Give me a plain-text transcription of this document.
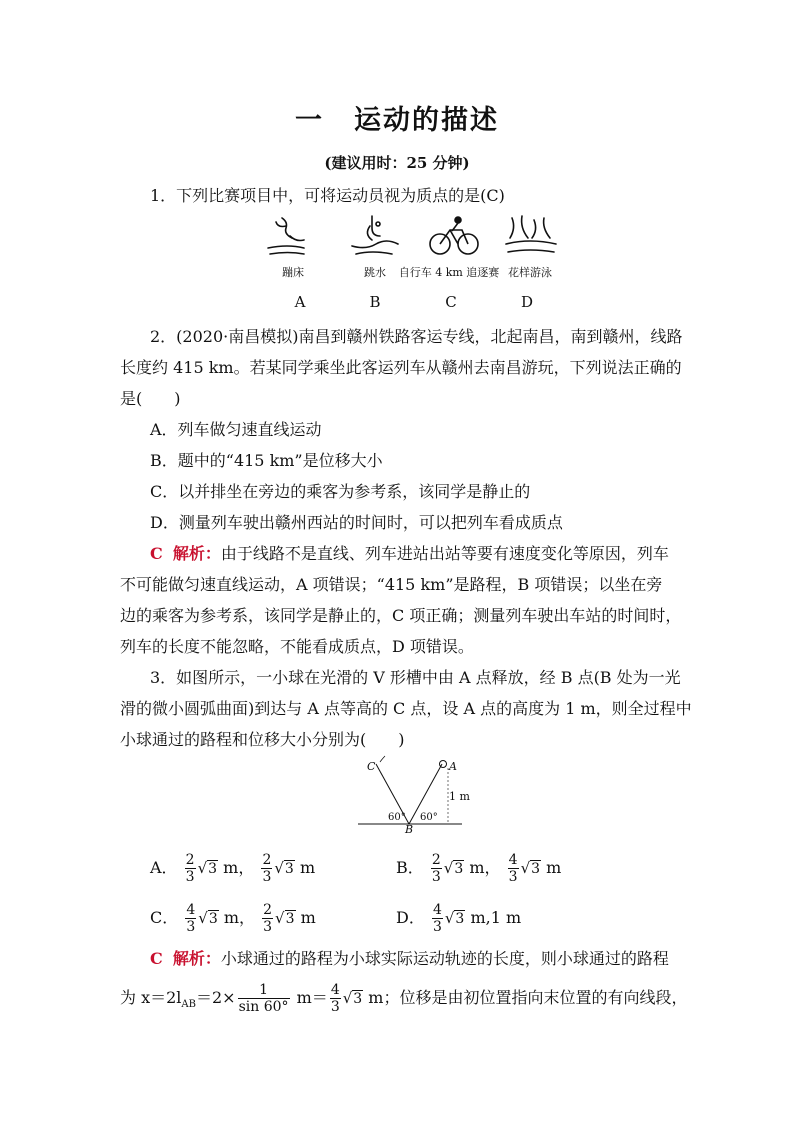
一 运动的描述
(建议用时：25 分钟)
1．下列比赛项目中，可将运动员视为质点的是(C)
蹦床	跳水	自行车 4 km 追逐赛 花样游泳
A	B	C	D
2．(2020·南昌模拟)南昌到赣州铁路客运专线，北起南昌，南到赣州，线路
长度约 415 km。若某同学乘坐此客运列车从赣州去南昌游玩，下列说法正确的
是(　　)
A．列车做匀速直线运动
B．题中的“415 km”是位移大小
C．以并排坐在旁边的乘客为参考系，该同学是静止的
D．测量列车驶出赣州西站的时间时，可以把列车看成质点
C 解析：由于线路不是直线、列车进站出站等要有速度变化等原因，列车
不可能做匀速直线运动，A 项错误；“415 km”是路程，B 项错误；以坐在旁
边的乘客为参考系，该同学是静止的，C 项正确；测量列车驶出车站的时间时，
列车的长度不能忽略，不能看成质点，D 项错误。
3．如图所示，一小球在光滑的 V 形槽中由 A 点释放，经 B 点(B 处为一光
滑的微小圆弧曲面)到达与 A 点等高的 C 点，设 A 点的高度为 1 m，则全过程中
小球通过的路程和位移大小分别为(　　)
C	A
1 m
60° 60°
B
A． $\frac{2}{3} √3$ m， $\frac{2}{3} √3$ m	B． $\frac{2}{3} √3$ m， $\frac{4}{3} √3$ m
C． $\frac{4}{3} √3$ m， $\frac{2}{3} √3$ m	D． $\frac{4}{3} √3$ m,1 m
C 解析：小球通过的路程为小球实际运动轨迹的长度，则小球通过的路程
为 $x=2l_{AB}=2\times \frac{1}{\sin 60^\circ} m= \frac{4}{3} √3$ m；位移是由初位置指向末位置的有向线段，
